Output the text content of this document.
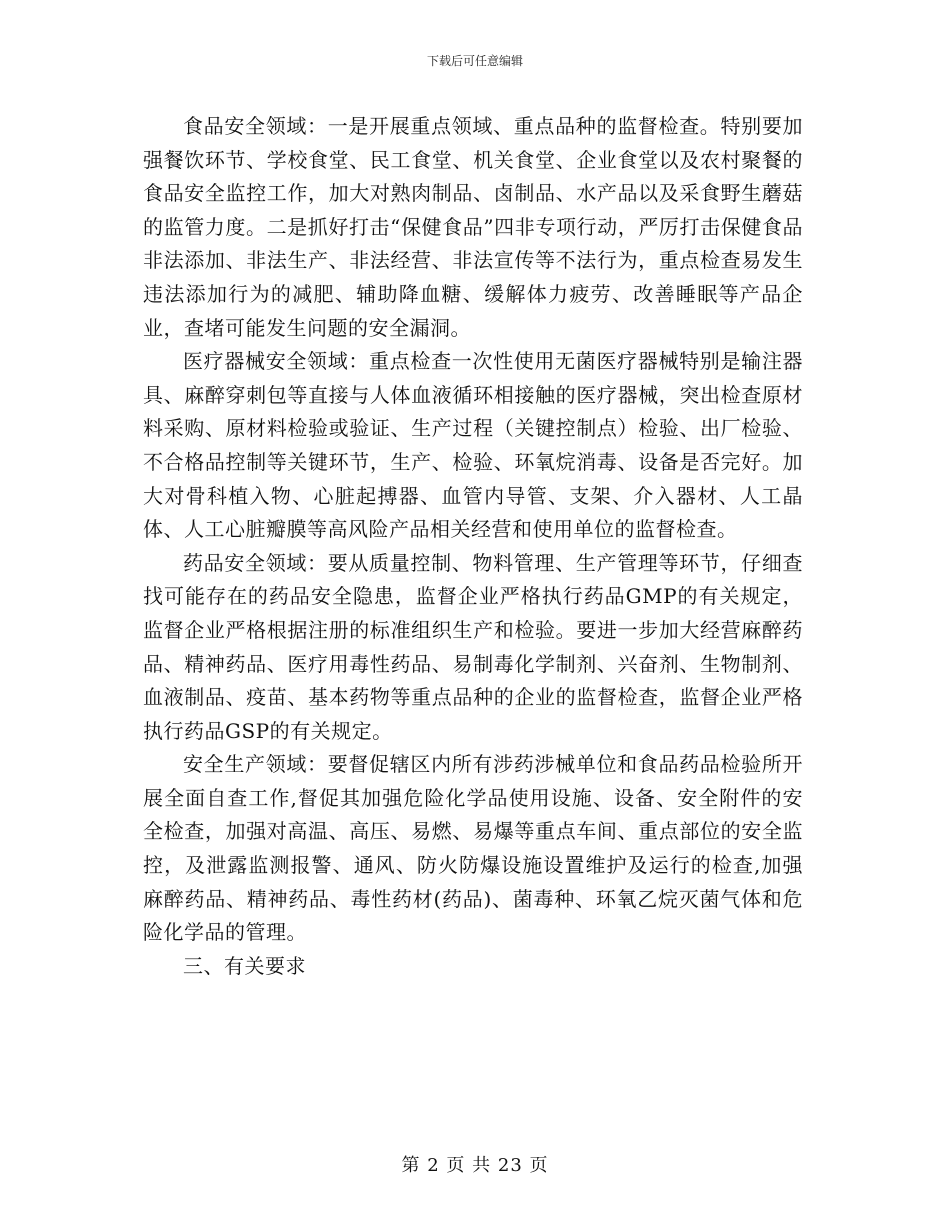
下载后可任意编辑

食品安全领域：一是开展重点领域、重点品种的监督检查。特别要加强餐饮环节、学校食堂、民工食堂、机关食堂、企业食堂以及农村聚餐的食品安全监控工作，加大对熟肉制品、卤制品、水产品以及采食野生蘑菇的监管力度。二是抓好打击“保健食品”四非专项行动，严厉打击保健食品非法添加、非法生产、非法经营、非法宣传等不法行为，重点检查易发生违法添加行为的减肥、辅助降血糖、缓解体力疲劳、改善睡眠等产品企业，查堵可能发生问题的安全漏洞。

医疗器械安全领域：重点检查一次性使用无菌医疗器械特别是输注器具、麻醉穿刺包等直接与人体血液循环相接触的医疗器械，突出检查原材料采购、原材料检验或验证、生产过程（关键控制点）检验、出厂检验、不合格品控制等关键环节，生产、检验、环氧烷消毒、设备是否完好。加大对骨科植入物、心脏起搏器、血管内导管、支架、介入器材、人工晶体、人工心脏瓣膜等高风险产品相关经营和使用单位的监督检查。

药品安全领域：要从质量控制、物料管理、生产管理等环节，仔细查找可能存在的药品安全隐患，监督企业严格执行药品GMP的有关规定，监督企业严格根据注册的标准组织生产和检验。要进一步加大经营麻醉药品、精神药品、医疗用毒性药品、易制毒化学制剂、兴奋剂、生物制剂、血液制品、疫苗、基本药物等重点品种的企业的监督检查，监督企业严格执行药品GSP的有关规定。

安全生产领域：要督促辖区内所有涉药涉械单位和食品药品检验所开展全面自查工作,督促其加强危险化学品使用设施、设备、安全附件的安全检查，加强对高温、高压、易燃、易爆等重点车间、重点部位的安全监控，及泄露监测报警、通风、防火防爆设施设置维护及运行的检查,加强麻醉药品、精神药品、毒性药材(药品)、菌毒种、环氧乙烷灭菌气体和危险化学品的管理。

三、有关要求

第 2 页 共 23 页
